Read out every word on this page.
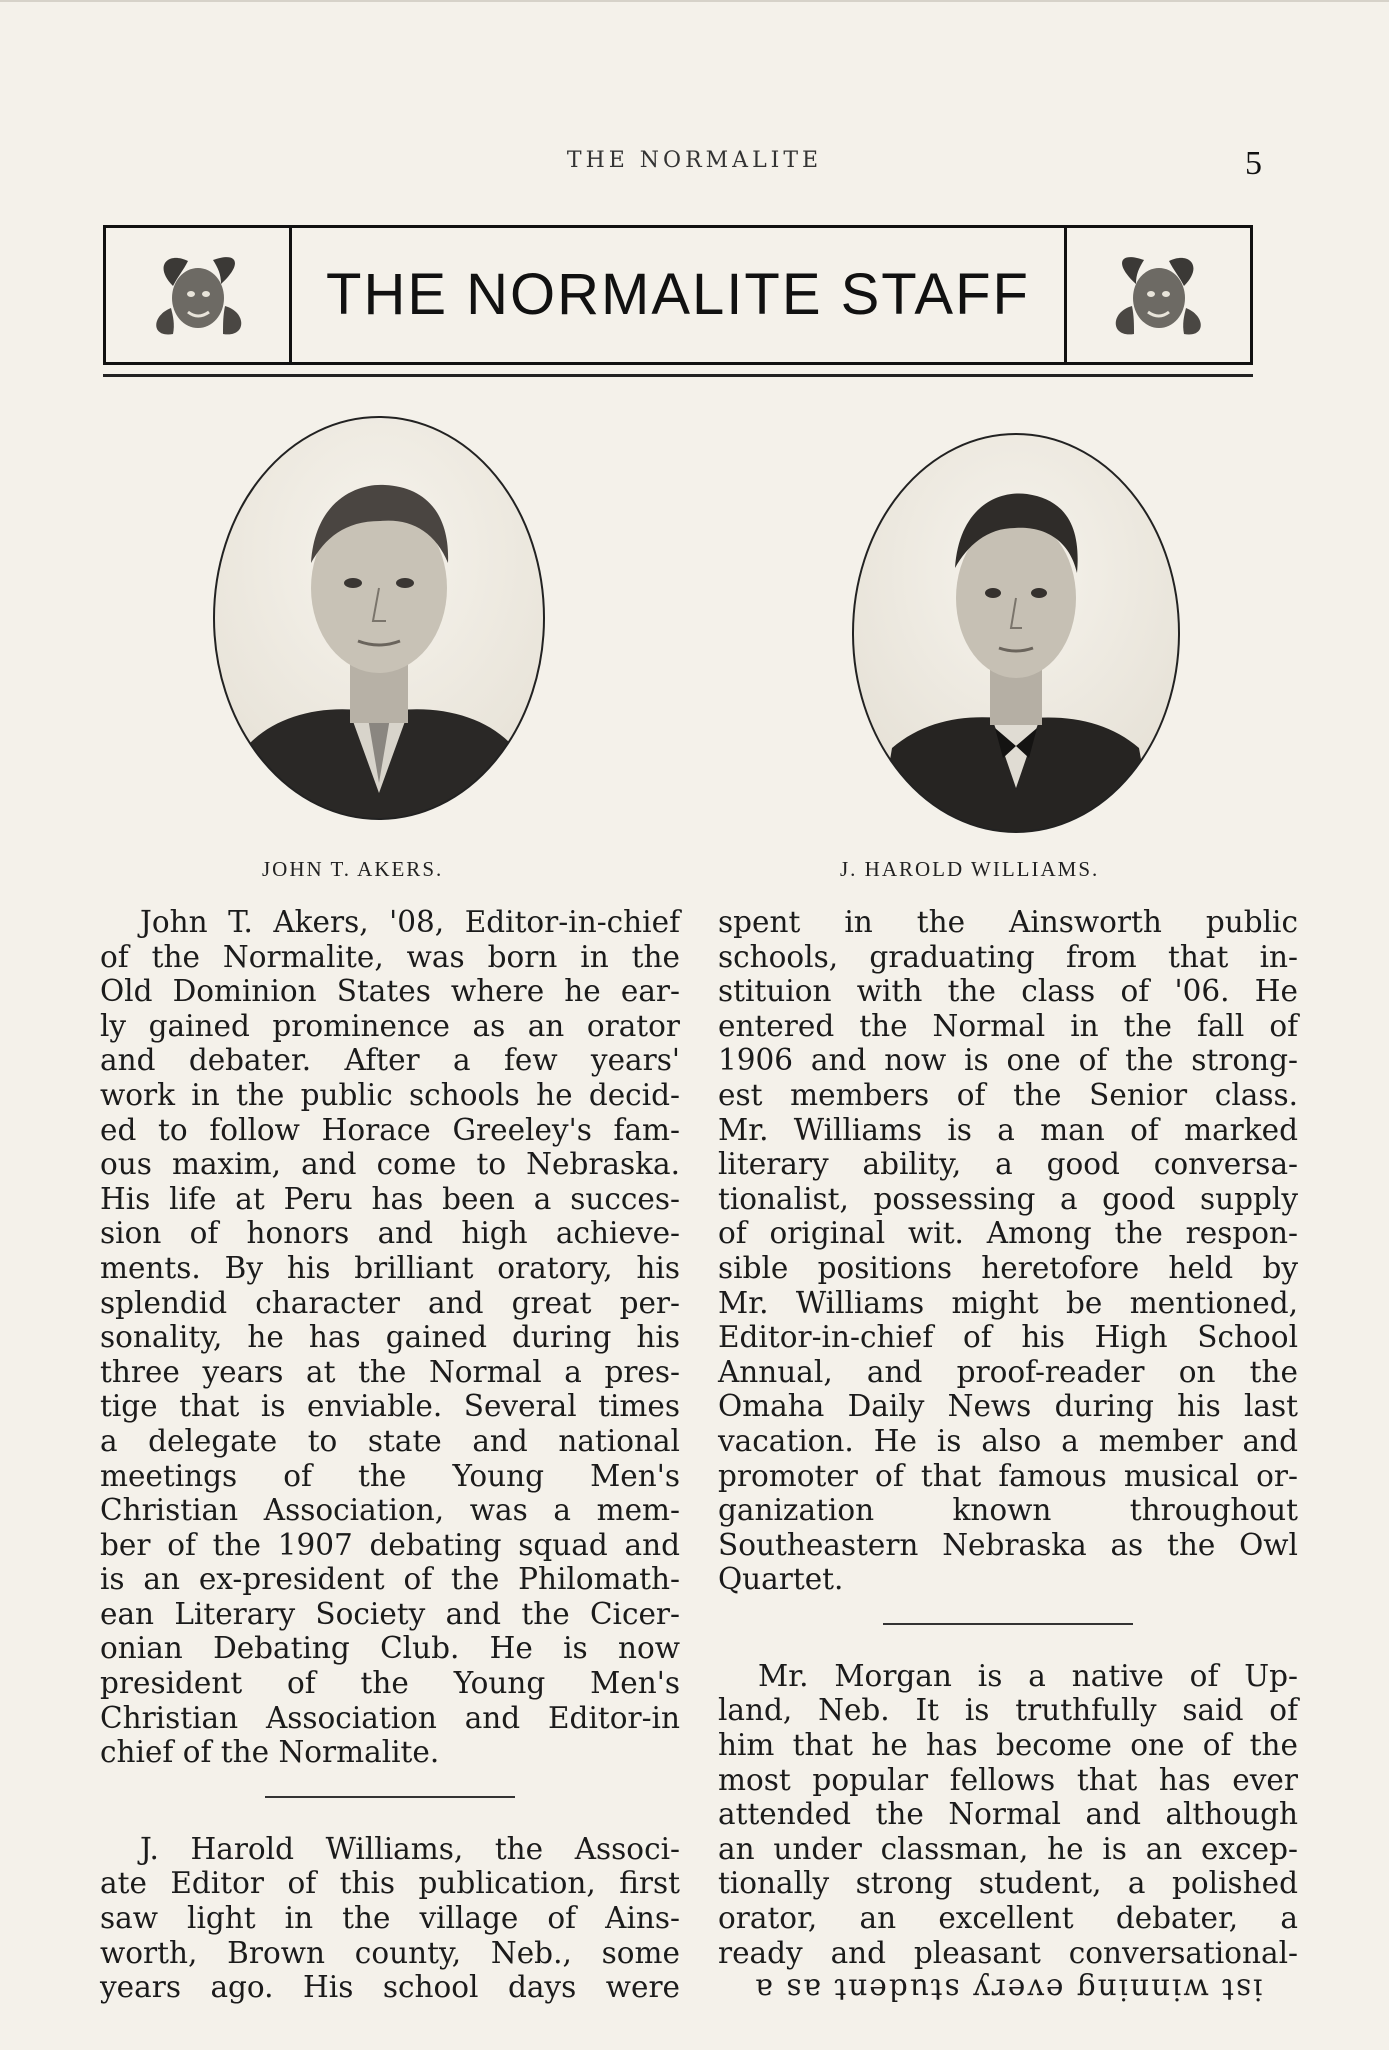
THE NORMALITE	5
THE NORMALITE STAFF
JOHN T. AKERS.	J. HAROLD WILLIAMS.
John T. Akers, '08, Editor-in-chief
of the Normalite, was born in the
Old Dominion States where he ear-
ly gained prominence as an orator
and debater. After a few years'
work in the public schools he decid-
ed to follow Horace Greeley's fam-
ous maxim, and come to Nebraska.
His life at Peru has been a succes-
sion of honors and high achieve-
ments. By his brilliant oratory, his
splendid character and great per-
sonality, he has gained during his
three years at the Normal a pres-
tige that is enviable. Several times
a delegate to state and national
meetings of the Young Men's
Christian Association, was a mem-
ber of the 1907 debating squad and
is an ex-president of the Philomath-
ean Literary Society and the Cicer-
onian Debating Club. He is now
president of the Young Men's
Christian Association and Editor-in
chief of the Normalite.
J. Harold Williams, the Associ-
ate Editor of this publication, first
saw light in the village of Ains-
worth, Brown county, Neb., some
years ago. His school days were
spent in the Ainsworth public
schools, graduating from that in-
stituion with the class of '06. He
entered the Normal in the fall of
1906 and now is one of the strong-
est members of the Senior class.
Mr. Williams is a man of marked
literary ability, a good conversa-
tionalist, possessing a good supply
of original wit. Among the respon-
sible positions heretofore held by
Mr. Williams might be mentioned,
Editor-in-chief of his High School
Annual, and proof-reader on the
Omaha Daily News during his last
vacation. He is also a member and
promoter of that famous musical or-
ganization known throughout
Southeastern Nebraska as the Owl
Quartet.
Mr. Morgan is a native of Up-
land, Neb. It is truthfully said of
him that he has become one of the
most popular fellows that has ever
attended the Normal and although
an under classman, he is an excep-
tionally strong student, a polished
orator, an excellent debater, a
ready and pleasant conversational-
ist winning every student as a
